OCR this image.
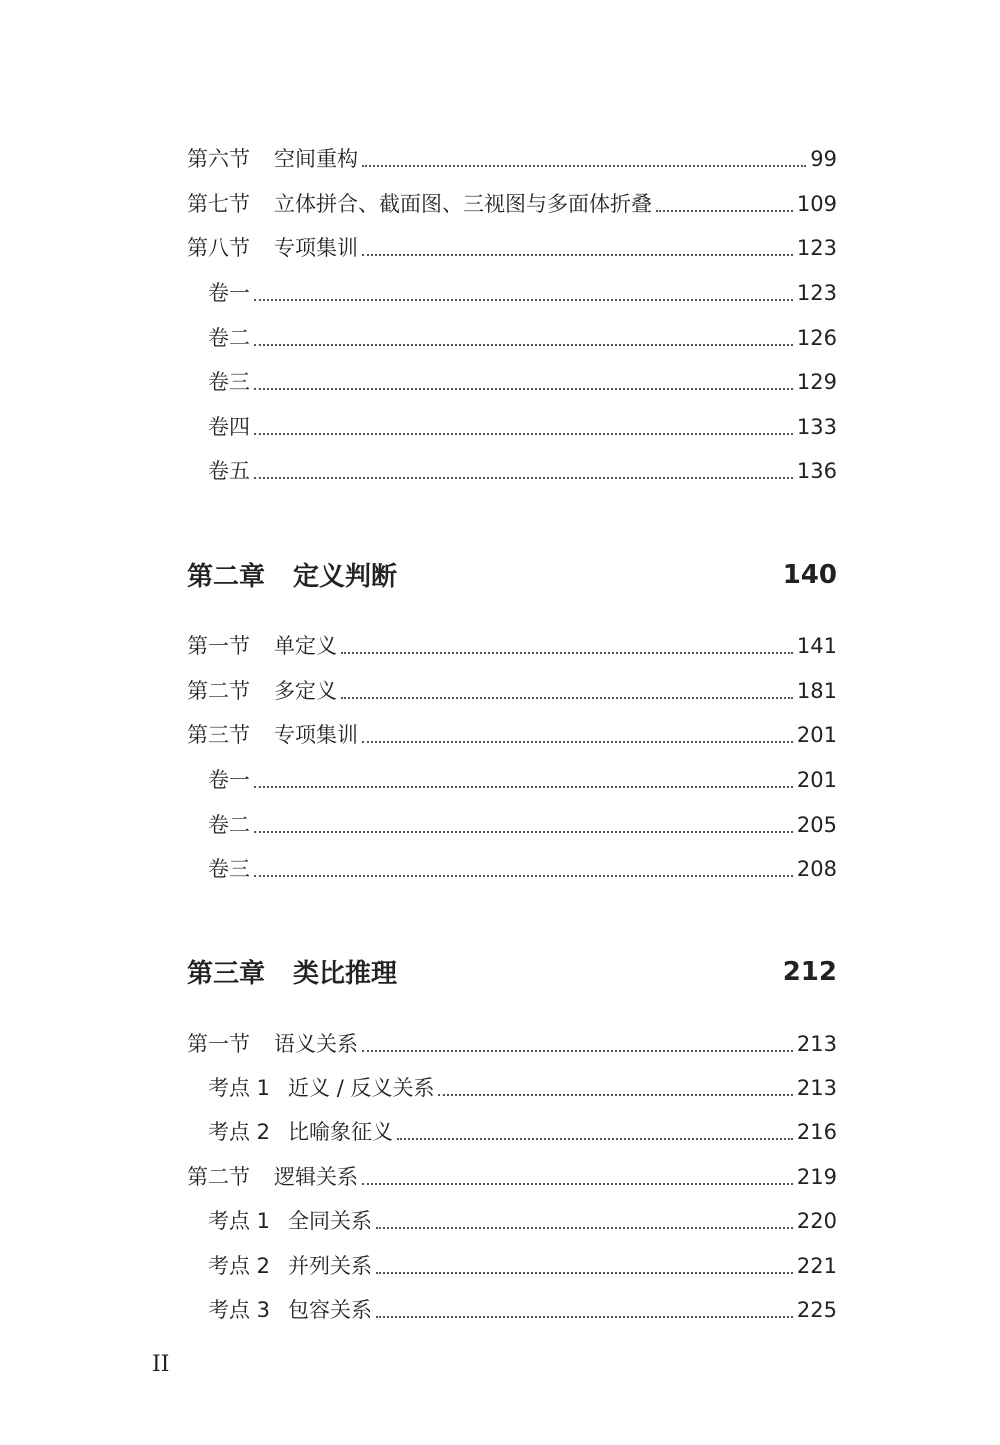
第六节 空间重构	99
第七节 立体拼合、截面图、三视图与多面体折叠	109
第八节 专项集训	123
卷一	123
卷二	126
卷三	129
卷四	133
卷五	136
第二章 定义判断	140
第一节 单定义	141
第二节 多定义	181
第三节 专项集训	201
卷一	201
卷二	205
卷三	208
第三章 类比推理	212
第一节 语义关系	213
考点 1 近义 / 反义关系	213
考点 2 比喻象征义	216
第二节 逻辑关系	219
考点 1 全同关系	220
考点 2 并列关系	221
考点 3 包容关系	225
II
